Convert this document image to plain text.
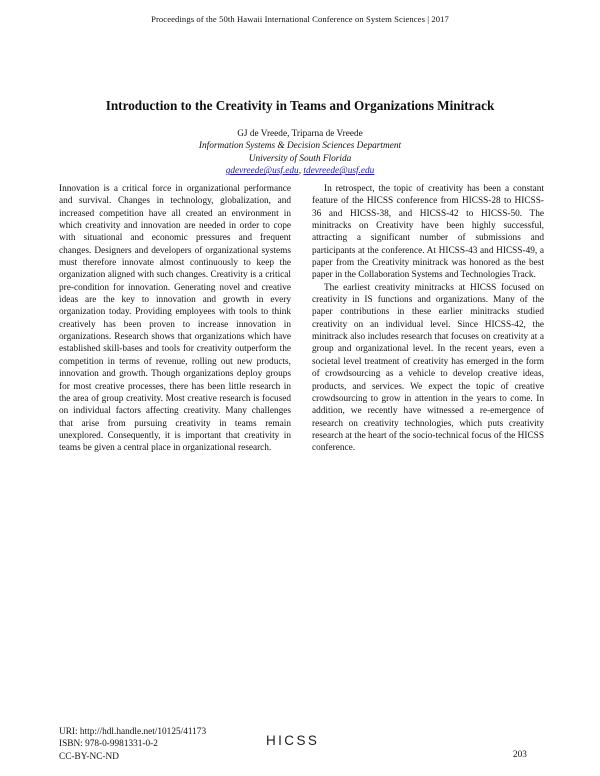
Proceedings of the 50th Hawaii International Conference on System Sciences | 2017
Introduction to the Creativity in Teams and Organizations Minitrack
GJ de Vreede, Triparna de Vreede
Information Systems & Decision Sciences Department
University of South Florida
gdevreede@usf.edu, tdevreede@usf.edu

Innovation is a critical force in organizational performance and survival. Changes in technology, globalization, and increased competition have all created an environment in which creativity and innovation are needed in order to cope with situational and economic pressures and frequent changes. Designers and developers of organizational systems must therefore innovate almost continuously to keep the organization aligned with such changes. Creativity is a critical pre-condition for innovation. Generating novel and creative ideas are the key to innovation and growth in every organization today. Providing employees with tools to think creatively has been proven to increase innovation in organizations. Research shows that organizations which have established skill-bases and tools for creativity outperform the competition in terms of revenue, rolling out new products, innovation and growth. Though organizations deploy groups for most creative processes, there has been little research in the area of group creativity. Most creative research is focused on individual factors affecting creativity. Many challenges that arise from pursuing creativity in teams remain unexplored. Consequently, it is important that creativity in teams be given a central place in organizational research.

In retrospect, the topic of creativity has been a constant feature of the HICSS conference from HICSS-28 to HICSS-36 and HICSS-38, and HICSS-42 to HICSS-50. The minitracks on Creativity have been highly successful, attracting a significant number of submissions and participants at the conference. At HICSS-43 and HICSS-49, a paper from the Creativity minitrack was honored as the best paper in the Collaboration Systems and Technologies Track.

The earliest creativity minitracks at HICSS focused on creativity in IS functions and organizations. Many of the paper contributions in these earlier minitracks studied creativity on an individual level. Since HICSS-42, the minitrack also includes research that focuses on creativity at a group and organizational level. In the recent years, even a societal level treatment of creativity has emerged in the form of crowdsourcing as a vehicle to develop creative ideas, products, and services. We expect the topic of creative crowdsourcing to grow in attention in the years to come. In addition, we recently have witnessed a re-emergence of research on creativity technologies, which puts creativity research at the heart of the socio-technical focus of the HICSS conference.

URI: http://hdl.handle.net/10125/41173
ISBN: 978-0-9981331-0-2
CC-BY-NC-ND
HICSS
203
